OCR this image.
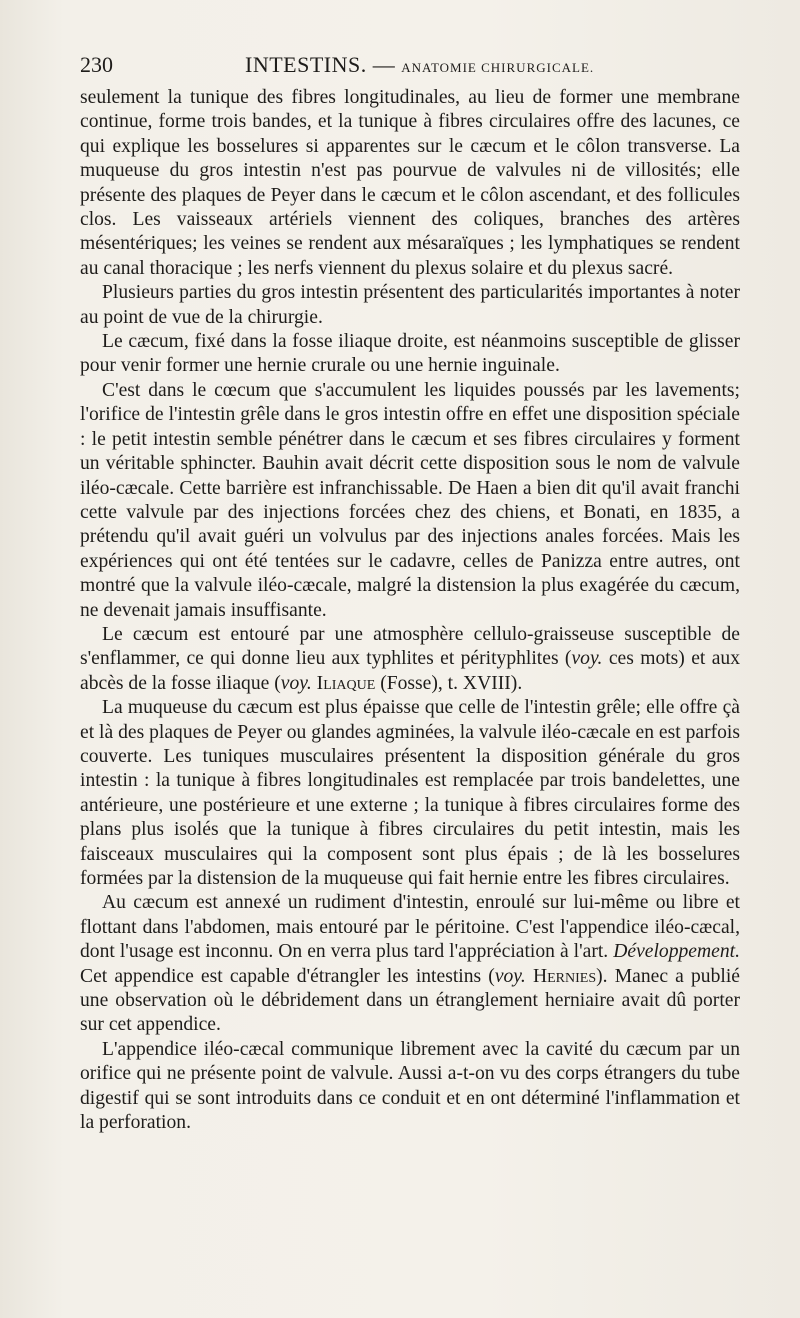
230	INTESTINS. — ANATOMIE CHIRURGICALE.

seulement la tunique des fibres longitudinales, au lieu de former une membrane continue, forme trois bandes, et la tunique à fibres circulaires offre des lacunes, ce qui explique les bosselures si apparentes sur le cæcum et le côlon transverse. La muqueuse du gros intestin n'est pas pourvue de valvules ni de villosités; elle présente des plaques de Peyer dans le cæcum et le côlon ascendant, et des follicules clos. Les vaisseaux artériels viennent des coliques, branches des artères mésentériques; les veines se rendent aux mésaraïques ; les lymphatiques se rendent au canal thoracique ; les nerfs viennent du plexus solaire et du plexus sacré.

Plusieurs parties du gros intestin présentent des particularités importantes à noter au point de vue de la chirurgie.

Le cæcum, fixé dans la fosse iliaque droite, est néanmoins susceptible de glisser pour venir former une hernie crurale ou une hernie inguinale.

C'est dans le cœcum que s'accumulent les liquides poussés par les lavements; l'orifice de l'intestin grêle dans le gros intestin offre en effet une disposition spéciale : le petit intestin semble pénétrer dans le cæcum et ses fibres circulaires y forment un véritable sphincter. Bauhin avait décrit cette disposition sous le nom de valvule iléo-cæcale. Cette barrière est infranchissable. De Haen a bien dit qu'il avait franchi cette valvule par des injections forcées chez des chiens, et Bonati, en 1835, a prétendu qu'il avait guéri un volvulus par des injections anales forcées. Mais les expériences qui ont été tentées sur le cadavre, celles de Panizza entre autres, ont montré que la valvule iléo-cæcale, malgré la distension la plus exagérée du cæcum, ne devenait jamais insuffisante.

Le cæcum est entouré par une atmosphère cellulo-graisseuse susceptible de s'enflammer, ce qui donne lieu aux typhlites et pérityphlites (voy. ces mots) et aux abcès de la fosse iliaque (voy. Iliaque (Fosse), t. XVIII).

La muqueuse du cæcum est plus épaisse que celle de l'intestin grêle; elle offre çà et là des plaques de Peyer ou glandes agminées, la valvule iléo-cæcale en est parfois couverte. Les tuniques musculaires présentent la disposition générale du gros intestin : la tunique à fibres longitudinales est remplacée par trois bandelettes, une antérieure, une postérieure et une externe ; la tunique à fibres circulaires forme des plans plus isolés que la tunique à fibres circulaires du petit intestin, mais les faisceaux musculaires qui la composent sont plus épais ; de là les bosselures formées par la distension de la muqueuse qui fait hernie entre les fibres circulaires.

Au cæcum est annexé un rudiment d'intestin, enroulé sur lui-même ou libre et flottant dans l'abdomen, mais entouré par le péritoine. C'est l'appendice iléo-cæcal, dont l'usage est inconnu. On en verra plus tard l'appréciation à l'art. Développement. Cet appendice est capable d'étrangler les intestins (voy. Hernies). Manec a publié une observation où le débridement dans un étranglement herniaire avait dû porter sur cet appendice.

L'appendice iléo-cæcal communique librement avec la cavité du cæcum par un orifice qui ne présente point de valvule. Aussi a-t-on vu des corps étrangers du tube digestif qui se sont introduits dans ce conduit et en ont déterminé l'inflammation et la perforation.
